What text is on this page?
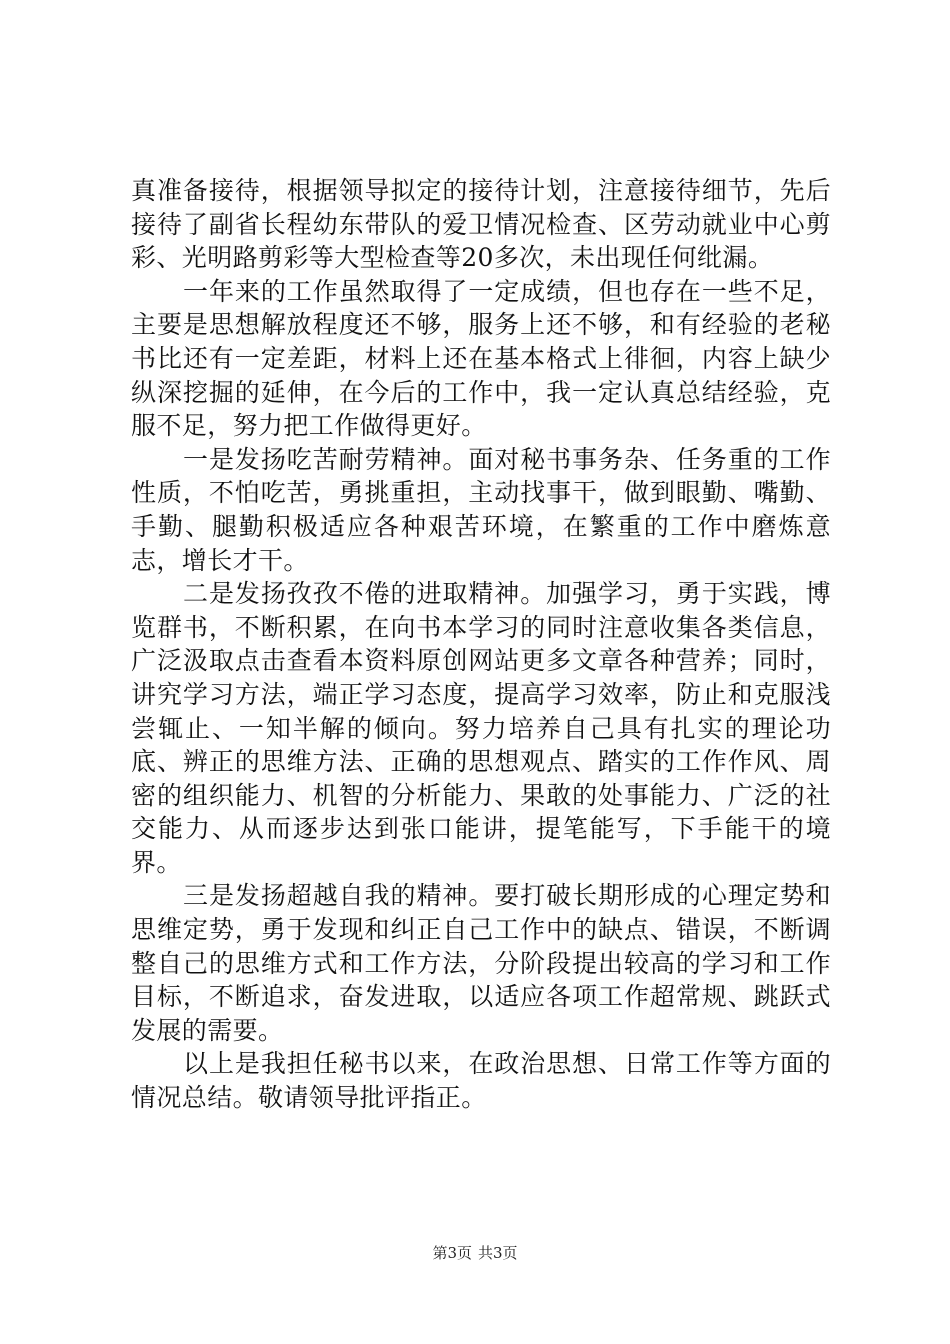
真准备接待，根据领导拟定的接待计划，注意接待细节，先后接待了副省长程幼东带队的爱卫情况检查、区劳动就业中心剪彩、光明路剪彩等大型检查等20多次，未出现任何纰漏。

一年来的工作虽然取得了一定成绩，但也存在一些不足，主要是思想解放程度还不够，服务上还不够，和有经验的老秘书比还有一定差距，材料上还在基本格式上徘徊，内容上缺少纵深挖掘的延伸，在今后的工作中，我一定认真总结经验，克服不足，努力把工作做得更好。

一是发扬吃苦耐劳精神。面对秘书事务杂、任务重的工作性质，不怕吃苦，勇挑重担，主动找事干，做到眼勤、嘴勤、手勤、腿勤积极适应各种艰苦环境，在繁重的工作中磨炼意志，增长才干。

二是发扬孜孜不倦的进取精神。加强学习，勇于实践，博览群书，不断积累，在向书本学习的同时注意收集各类信息，广泛汲取点击查看本资料原创网站更多文章各种营养；同时，讲究学习方法，端正学习态度，提高学习效率，防止和克服浅尝辄止、一知半解的倾向。努力培养自己具有扎实的理论功底、辨正的思维方法、正确的思想观点、踏实的工作作风、周密的组织能力、机智的分析能力、果敢的处事能力、广泛的社交能力、从而逐步达到张口能讲，提笔能写，下手能干的境界。

三是发扬超越自我的精神。要打破长期形成的心理定势和思维定势，勇于发现和纠正自己工作中的缺点、错误，不断调整自己的思维方式和工作方法，分阶段提出较高的学习和工作目标，不断追求，奋发进取，以适应各项工作超常规、跳跃式发展的需要。

以上是我担任秘书以来，在政治思想、日常工作等方面的情况总结。敬请领导批评指正。

第3页 共3页
